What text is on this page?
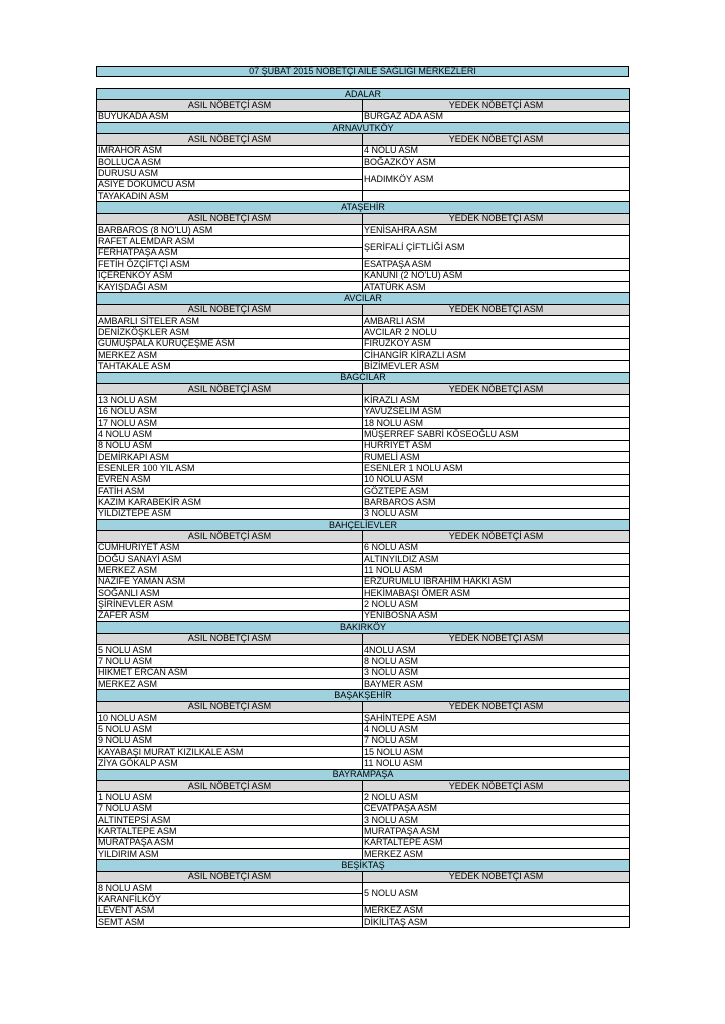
07 ŞUBAT 2015 NÖBETÇİ AİLE SAĞLIĞI MERKEZLERİ
ADALAR	
ASIL NÖBETÇİ ASM	YEDEK NÖBETÇİ ASM
BÜYÜKADA ASM	BURGAZ ADA ASM
ARNAVUTKÖY	
ASIL NÖBETÇİ ASM	YEDEK NÖBETÇİ ASM
İMRAHOR ASM	4 NOLU ASM
BOLLUCA ASM	BOĞAZKÖY ASM
DURUSU ASM	HADIMKÖY ASM
ASİYE DÖKÜMCÜ ASM	
TAYAKADIN ASM	
ATAŞEHİR	
ASIL NÖBETÇİ ASM	YEDEK NÖBETÇİ ASM
BARBAROS (8 NO'LU) ASM	YENİSAHRA ASM
RAFET ALEMDAR ASM	ŞERİFALİ ÇİFTLİĞİ ASM
FERHATPAŞA ASM	
FETİH ÖZÇİFTÇİ ASM	ESATPAŞA ASM
İÇERENKÖY ASM	KANUNİ (2 NO'LU) ASM
KAYIŞDAĞI ASM	ATATÜRK ASM
AVCILAR	
ASIL NÖBETÇİ ASM	YEDEK NÖBETÇİ ASM
AMBARLI SİTELER ASM	AMBARLI ASM
DENİZKÖŞKLER ASM	AVCILAR 2 NOLU
GÜMÜŞPALA KURUÇEŞME ASM	FİRUZKÖY ASM
MERKEZ ASM	CİHANGİR KİRAZLI ASM
TAHTAKALE ASM	BİZİMEVLER ASM
BAĞCILAR	
ASIL NÖBETÇİ ASM	YEDEK NÖBETÇİ ASM
13 NOLU ASM	KİRAZLI ASM
16 NOLU ASM	YAVUZSELİM ASM
17 NOLU ASM	18 NOLU ASM
4 NOLU ASM	MÜŞERREF SABRİ KÖSEOĞLU ASM
8 NOLU ASM	HÜRRİYET ASM
DEMİRKAPI ASM	RUMELİ ASM
ESENLER 100 YIL ASM	ESENLER 1 NOLU ASM
EVREN ASM	10 NOLU ASM
FATİH ASM	GÖZTEPE ASM
KAZIM KARABEKİR ASM	BARBAROS ASM
YILDIZTEPE ASM	3 NOLU ASM
BAHÇELİEVLER	
ASIL NÖBETÇİ ASM	YEDEK NÖBETÇİ ASM
CUMHURİYET ASM	6 NOLU ASM
DOĞU SANAYİ ASM	ALTINYILDIZ ASM
MERKEZ ASM	11 NOLU ASM
NAZİFE YAMAN ASM	ERZURUMLU İBRAHİM HAKKI ASM
SOĞANLI ASM	HEKİMABAŞI ÖMER ASM
ŞİRİNEVLER ASM	2 NOLU ASM
ZAFER ASM	YENİBOSNA ASM
BAKIRKÖY	
ASIL NÖBETÇİ ASM	YEDEK NÖBETÇİ ASM
5 NOLU ASM	4NOLU ASM
7 NOLU ASM	8 NOLU ASM
HİKMET ERCAN ASM	3 NOLU ASM
MERKEZ ASM	BAYMER ASM
BAŞAKŞEHİR	
ASIL NÖBETÇİ ASM	YEDEK NÖBETÇİ ASM
10 NOLU ASM	ŞAHİNTEPE ASM
5 NOLU ASM	4 NOLU ASM
9 NOLU ASM	7 NOLU ASM
KAYABAŞI MURAT KIZILKALE ASM	15 NOLU ASM
ZİYA GÖKALP ASM	11 NOLU ASM
BAYRAMPAŞA	
ASIL NÖBETÇİ ASM	YEDEK NÖBETÇİ ASM
1 NOLU ASM	2 NOLU ASM
7 NOLU ASM	CEVATPAŞA ASM
ALTINTEPSİ ASM	3 NOLU ASM
KARTALTEPE ASM	MURATPAŞA ASM
MURATPAŞA ASM	KARTALTEPE ASM
YILDIRIM ASM	MERKEZ ASM
BEŞİKTAŞ	
ASIL NÖBETÇİ ASM	YEDEK NÖBETÇİ ASM
8 NOLU ASM	5 NOLU ASM
KARANFİLKÖY	
LEVENT ASM	MERKEZ ASM
SEMT ASM	DİKİLİTAŞ ASM
